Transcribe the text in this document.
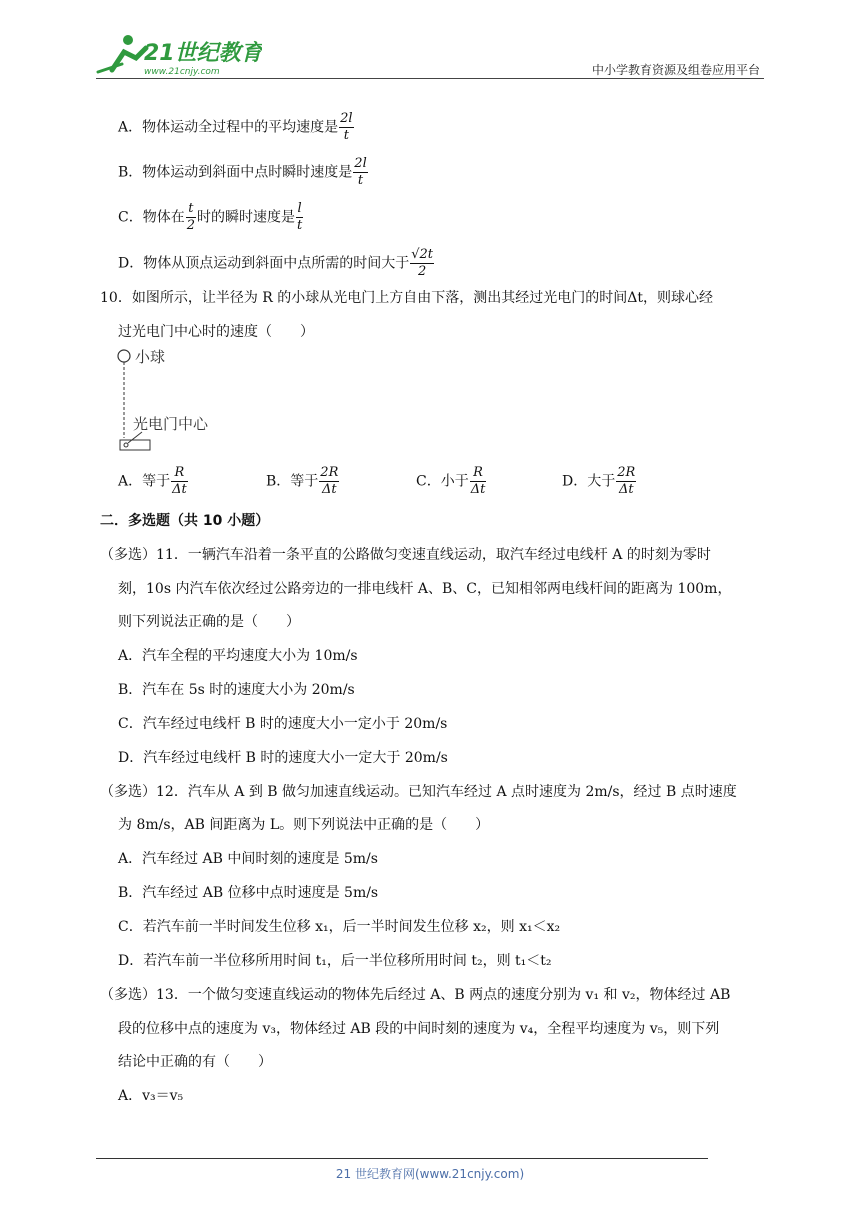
21世纪教育
www.21cnjy.com	中小学教育资源及组卷应用平台
A．物体运动全过程中的平均速度是 $\frac{2l}{t}$
B．物体运动到斜面中点时瞬时速度是 $\frac{2l}{t}$
C．物体在 $\frac{t}{2}$ 时的瞬时速度是 $\frac{l}{t}$
D．物体从顶点运动到斜面中点所需的时间大于 $\frac{√2t}{2}$
10．如图所示，让半径为 R 的小球从光电门上方自由下落，测出其经过光电门的时间Δt，则球心经
过光电门中心时的速度（　　）
小球
光电门中心
A．等于 $\frac{R}{\Delta t}$	B．等于 $\frac{2R}{\Delta t}$	C．小于 $\frac{R}{\Delta t}$	D．大于 $\frac{2R}{\Delta t}$
二．多选题（共 10 小题）
（多选）11．一辆汽车沿着一条平直的公路做匀变速直线运动，取汽车经过电线杆 A 的时刻为零时
刻，10s 内汽车依次经过公路旁边的一排电线杆 A、B、C，已知相邻两电线杆间的距离为 100m，
则下列说法正确的是（　　）
A．汽车全程的平均速度大小为 10m/s
B．汽车在 5s 时的速度大小为 20m/s
C．汽车经过电线杆 B 时的速度大小一定小于 20m/s
D．汽车经过电线杆 B 时的速度大小一定大于 20m/s
（多选）12．汽车从 A 到 B 做匀加速直线运动。已知汽车经过 A 点时速度为 2m/s，经过 B 点时速度
为 8m/s，AB 间距离为 L。则下列说法中正确的是（　　）
A．汽车经过 AB 中间时刻的速度是 5m/s
B．汽车经过 AB 位移中点时速度是 5m/s
C．若汽车前一半时间发生位移 x₁，后一半时间发生位移 x₂，则 x₁＜x₂
D．若汽车前一半位移所用时间 t₁，后一半位移所用时间 t₂，则 t₁＜t₂
（多选）13．一个做匀变速直线运动的物体先后经过 A、B 两点的速度分别为 v₁ 和 v₂，物体经过 AB
段的位移中点的速度为 v₃，物体经过 AB 段的中间时刻的速度为 v₄，全程平均速度为 v₅，则下列
结论中正确的有（　　）
A．v₃＝v₅
21 世纪教育网(www.21cnjy.com)
